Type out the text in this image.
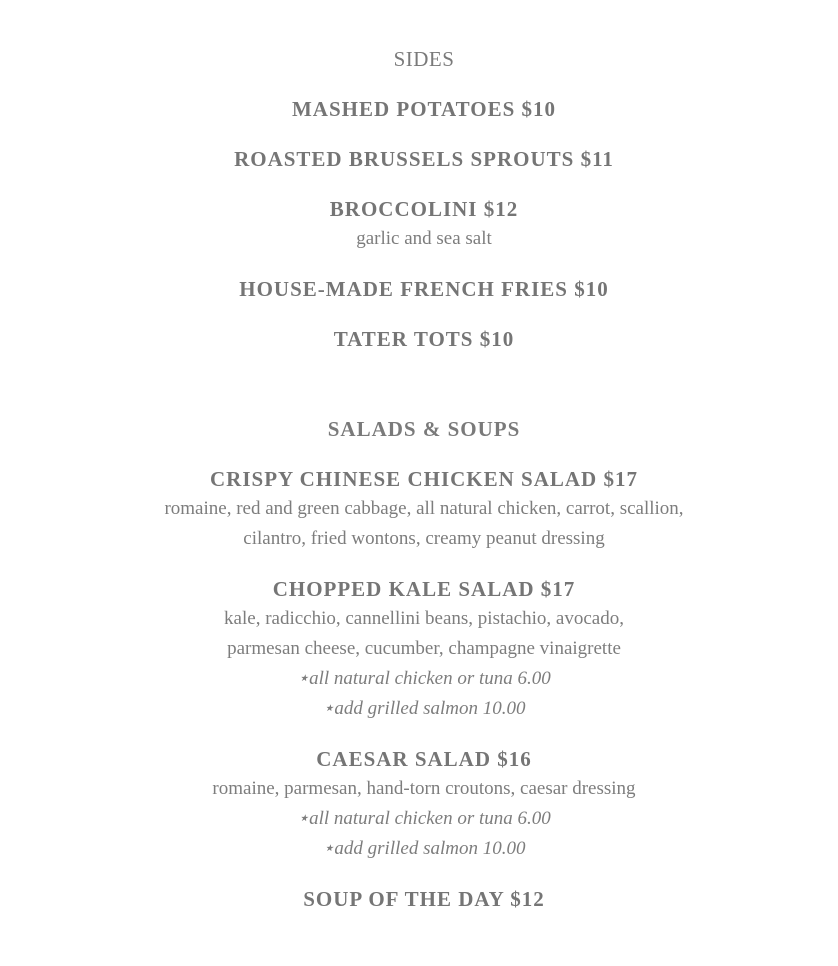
SIDES
MASHED POTATOES $10
ROASTED BRUSSELS SPROUTS $11
BROCCOLINI $12
garlic and sea salt
HOUSE-MADE FRENCH FRIES $10
TATER TOTS $10
SALADS & SOUPS
CRISPY CHINESE CHICKEN SALAD $17
romaine, red and green cabbage, all natural chicken, carrot, scallion,
cilantro, fried wontons, creamy peanut dressing
CHOPPED KALE SALAD $17
kale, radicchio, cannellini beans, pistachio, avocado,
parmesan cheese, cucumber, champagne vinaigrette
⋆all natural chicken or tuna 6.00
⋆add grilled salmon 10.00
CAESAR SALAD $16
romaine, parmesan, hand-torn croutons, caesar dressing
⋆all natural chicken or tuna 6.00
⋆add grilled salmon 10.00
SOUP OF THE DAY $12
